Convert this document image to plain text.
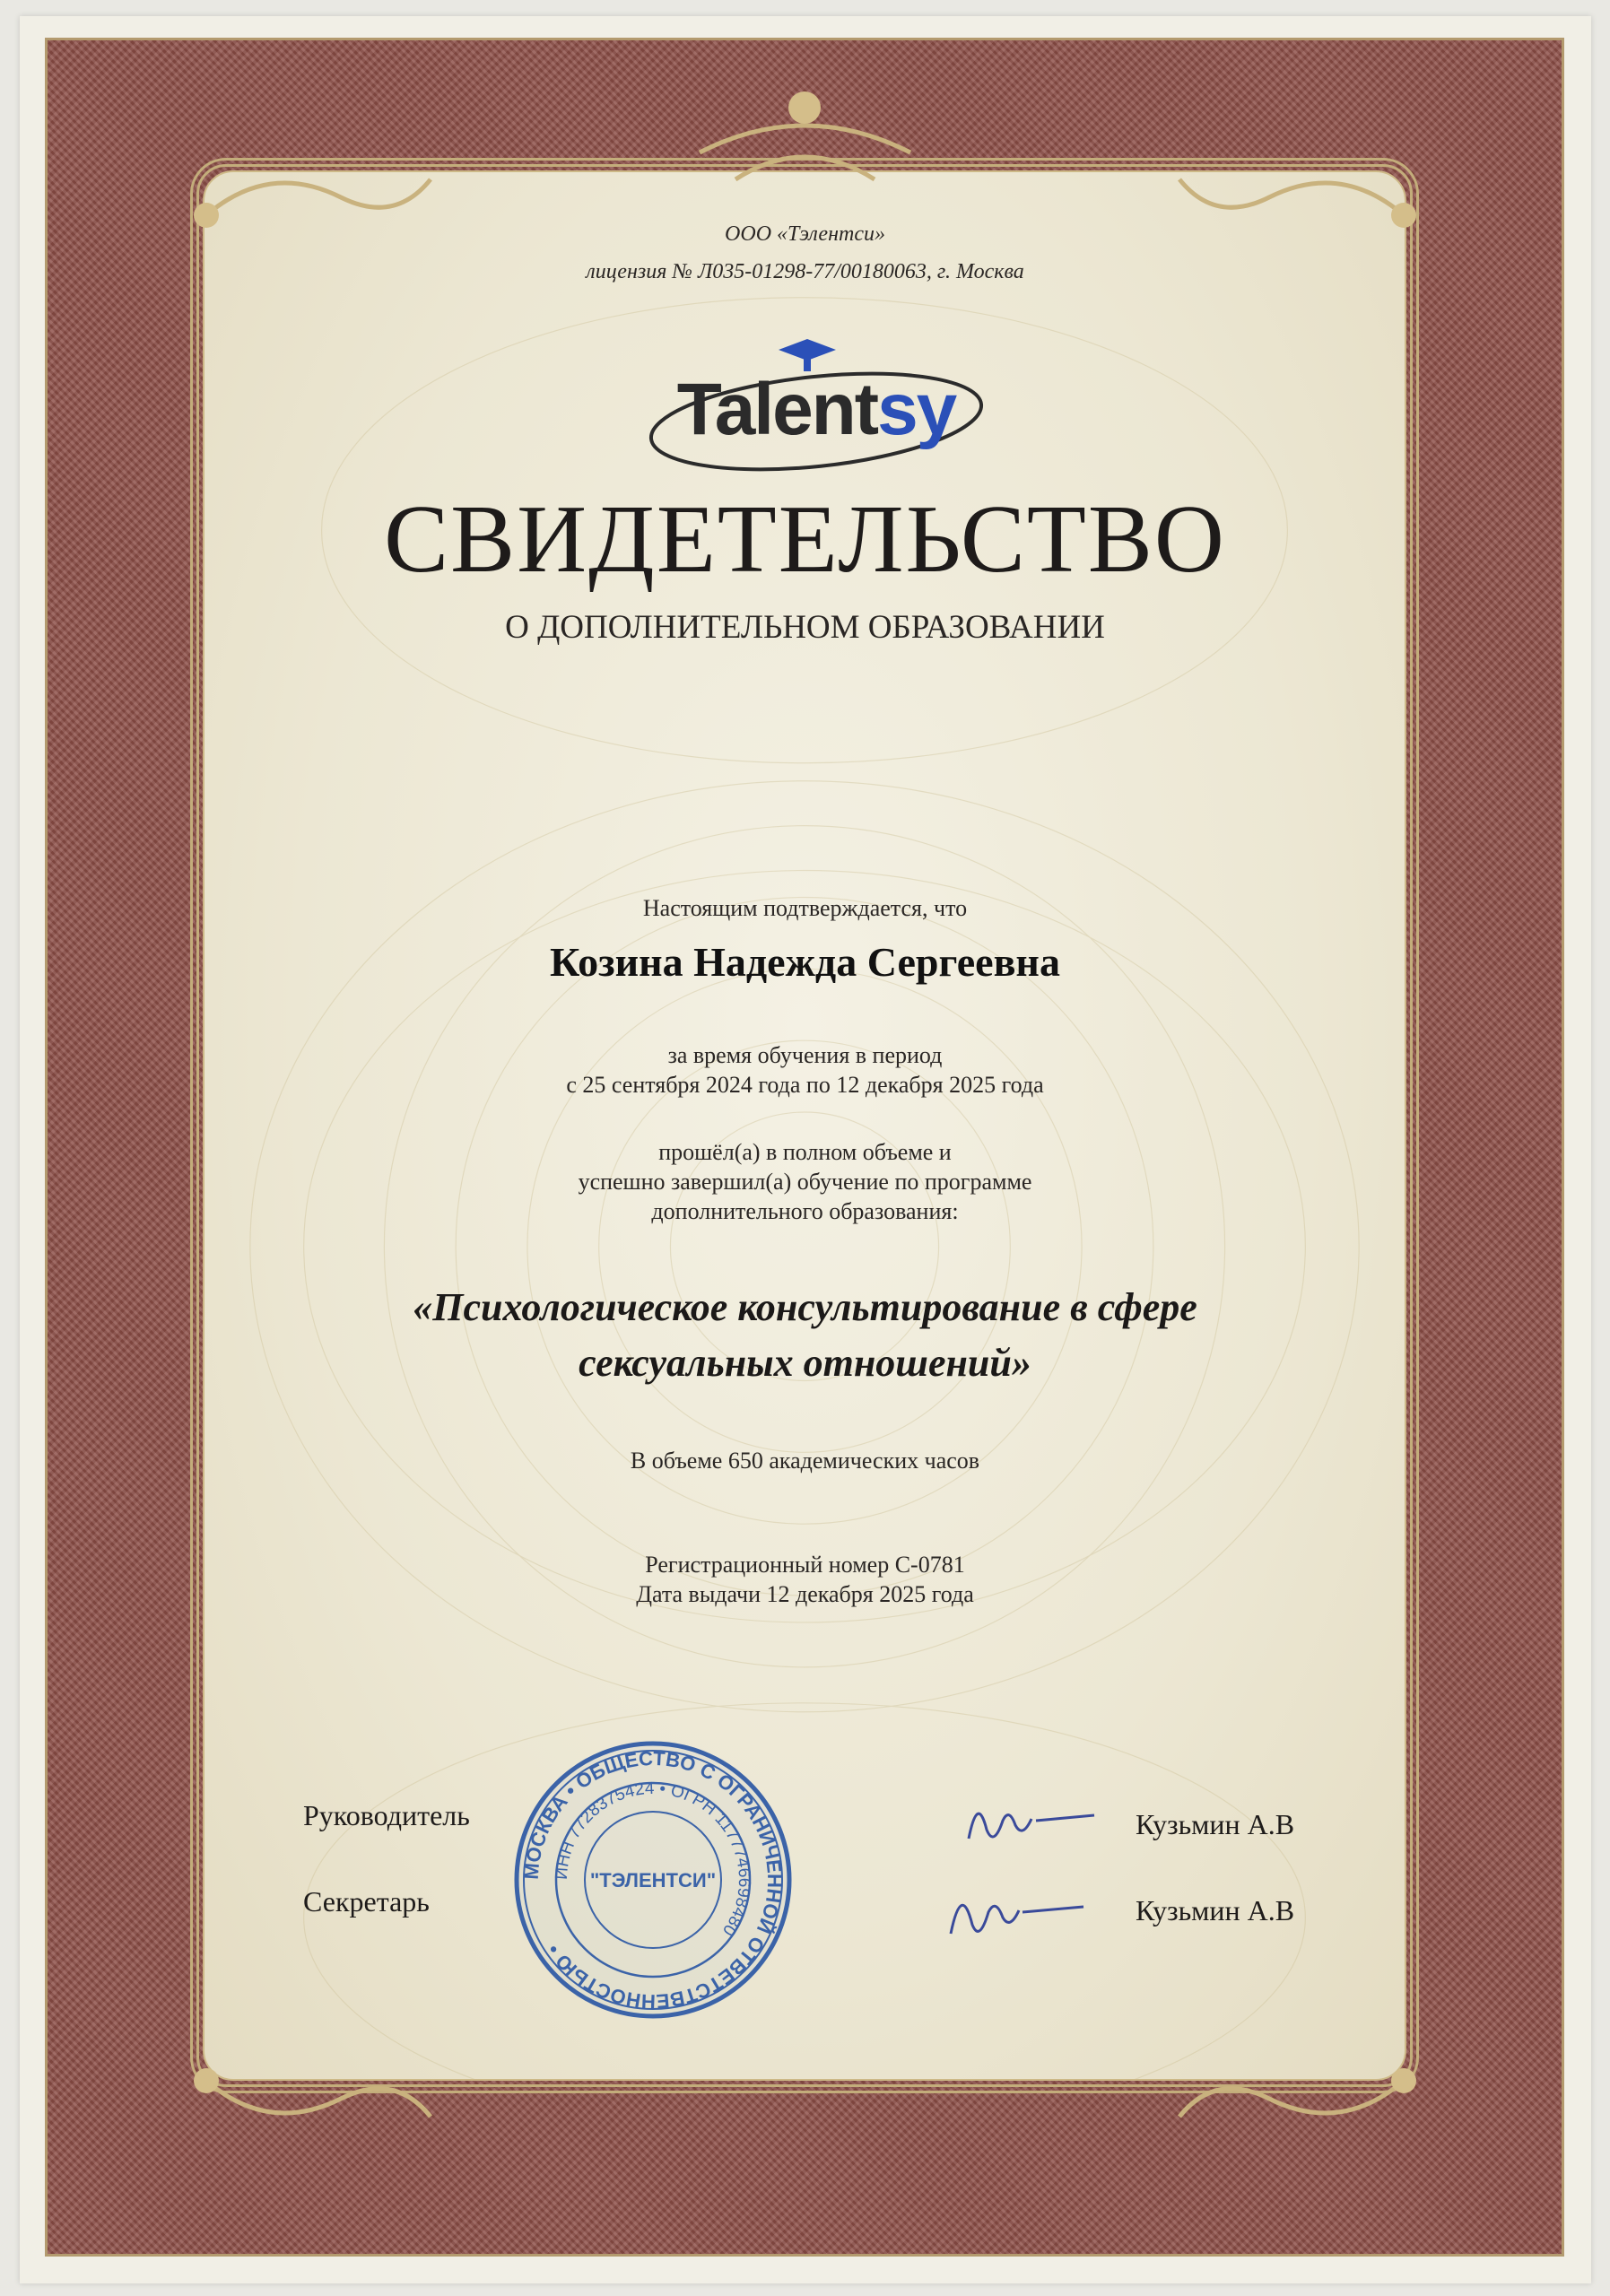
ООО «Тэлентси»
лицензия № Л035-01298-77/00180063, г. Москва
Talentsy
СВИДЕТЕЛЬСТВО
О ДОПОЛНИТЕЛЬНОМ ОБРАЗОВАНИИ
Настоящим подтверждается, что
Козина Надежда Сергеевна
за время обучения в период
с 25 сентября 2024 года по 12 декабря 2025 года
прошёл(а) в полном объеме и
успешно завершил(а) обучение по программе
дополнительного образования:
«Психологическое консультирование в сфере
сексуальных отношений»
В объеме 650 академических часов
Регистрационный номер С-0781
Дата выдачи 12 декабря 2025 года
Руководитель
Секретарь
Кузьмин А.В
Кузьмин А.В
МОСКВА • ОБЩЕСТВО С ОГРАНИЧЕННОЙ ОТВЕТСТВЕННОСТЬЮ •
ИНН 7728375424 • ОГРН 1177746698480
"ТЭЛЕНТСИ"
